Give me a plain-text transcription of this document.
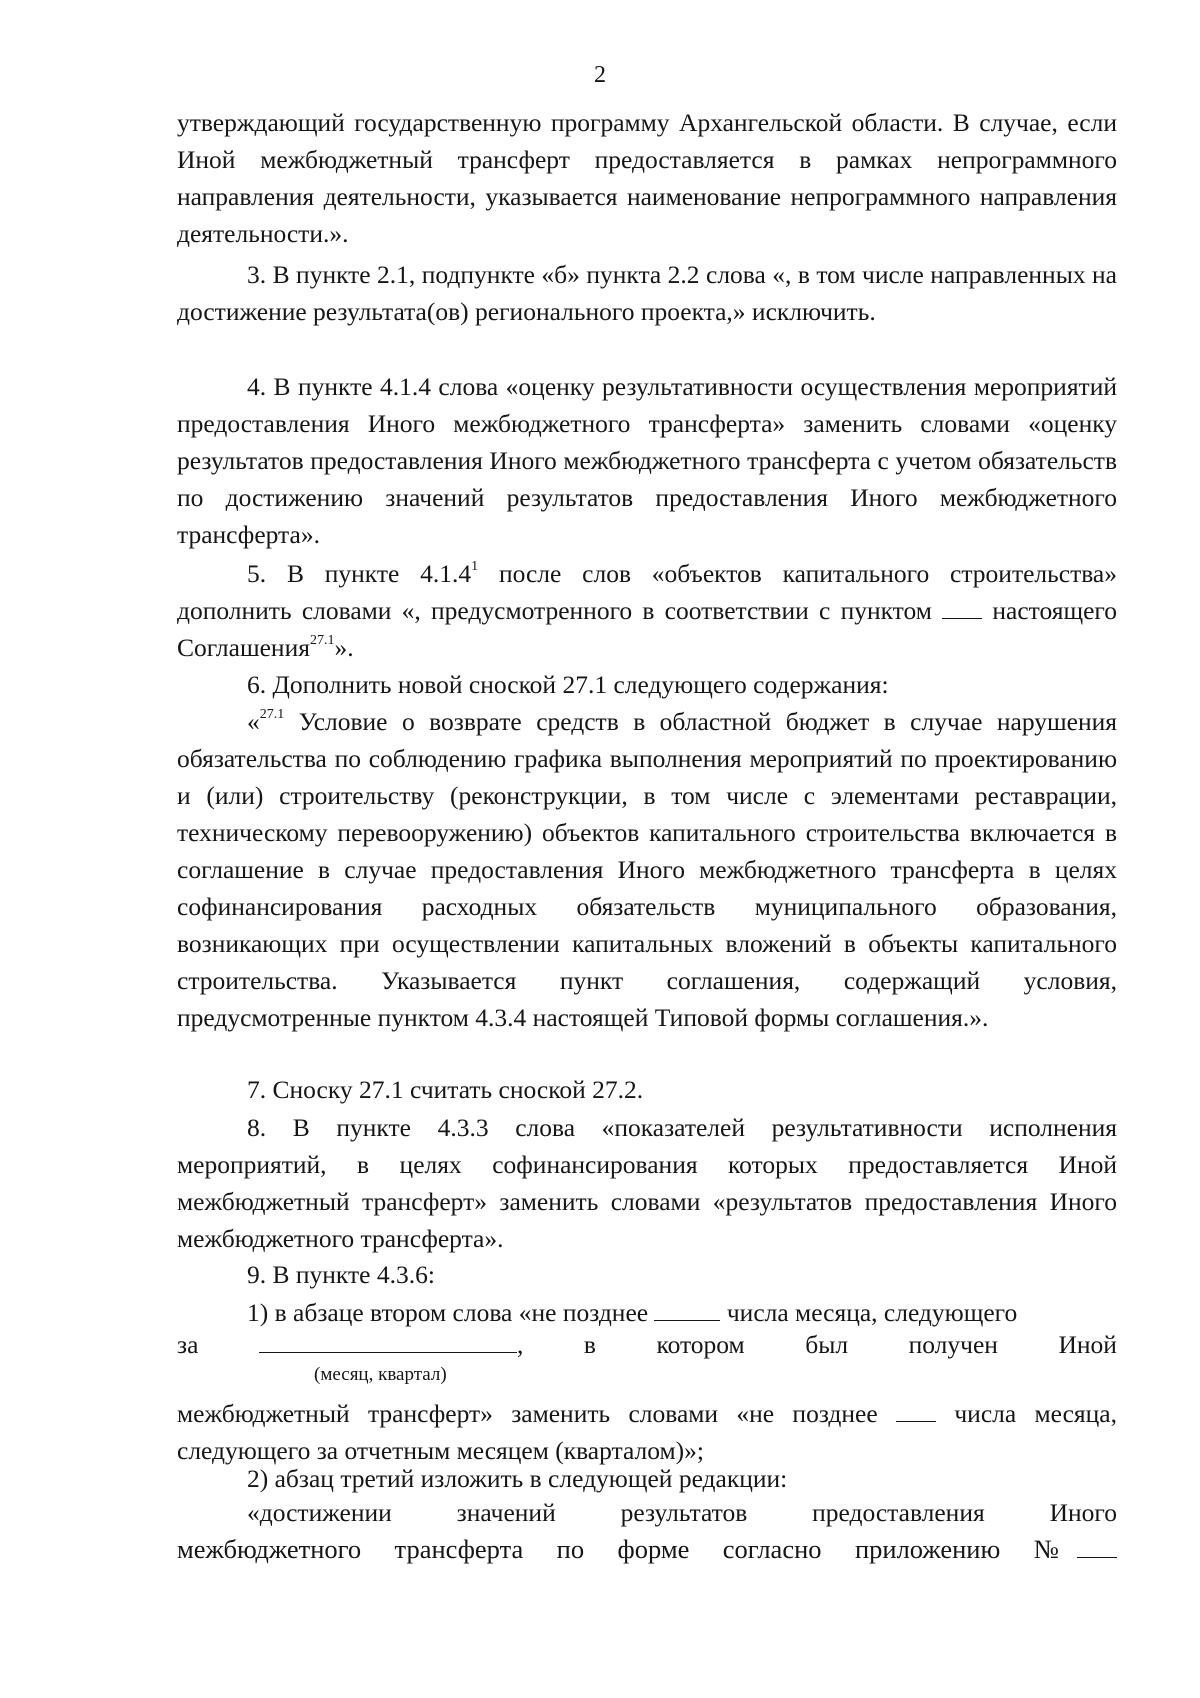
2
утверждающий государственную программу Архангельской области. В случае, если Иной межбюджетный трансферт предоставляется в рамках непрограммного направления деятельности, указывается наименование непрограммного направления деятельности.».
3. В пункте 2.1, подпункте «б» пункта 2.2 слова «, в том числе направленных на достижение результата(ов) регионального проекта,» исключить.
4. В пункте 4.1.4 слова «оценку результативности осуществления мероприятий предоставления Иного межбюджетного трансферта» заменить словами «оценку результатов предоставления Иного межбюджетного трансферта с учетом обязательств по достижению значений результатов предоставления Иного межбюджетного трансферта».
5. В пункте 4.1.4$^1$ после слов «объектов капитального строительства» дополнить словами «, предусмотренного в соответствии с пунктом  настоящего Соглашения$^{27.1}$».
6. Дополнить новой сноской 27.1 следующего содержания:
«$^{27.1}$ Условие о возврате средств в областной бюджет в случае нарушения обязательства по соблюдению графика выполнения мероприятий по проектированию и (или) строительству (реконструкции, в том числе с элементами реставрации, техническому перевооружению) объектов капитального строительства включается в соглашение в случае предоставления Иного межбюджетного трансферта в целях софинансирования расходных обязательств муниципального образования, возникающих при осуществлении капитальных вложений в объекты капитального строительства. Указывается пункт соглашения, содержащий условия, предусмотренные пунктом 4.3.4 настоящей Типовой формы соглашения.».
7. Сноску 27.1 считать сноской 27.2.
8. В пункте 4.3.3 слова «показателей результативности исполнения мероприятий, в целях софинансирования которых предоставляется Иной межбюджетный трансферт» заменить словами «результатов предоставления Иного межбюджетного трансферта».
9. В пункте 4.3.6:
1) в абзаце втором слова «не позднее	числа месяца, следующего
за	, в котором был получен Иной
(месяц, квартал)
межбюджетный трансферт» заменить словами «не позднее  числа месяца, следующего за отчетным месяцем (кварталом)»;
2) абзац третий изложить в следующей редакции:
«достижении	значений	результатов	предоставления	Иного
межбюджетного трансферта по форме согласно приложению №
